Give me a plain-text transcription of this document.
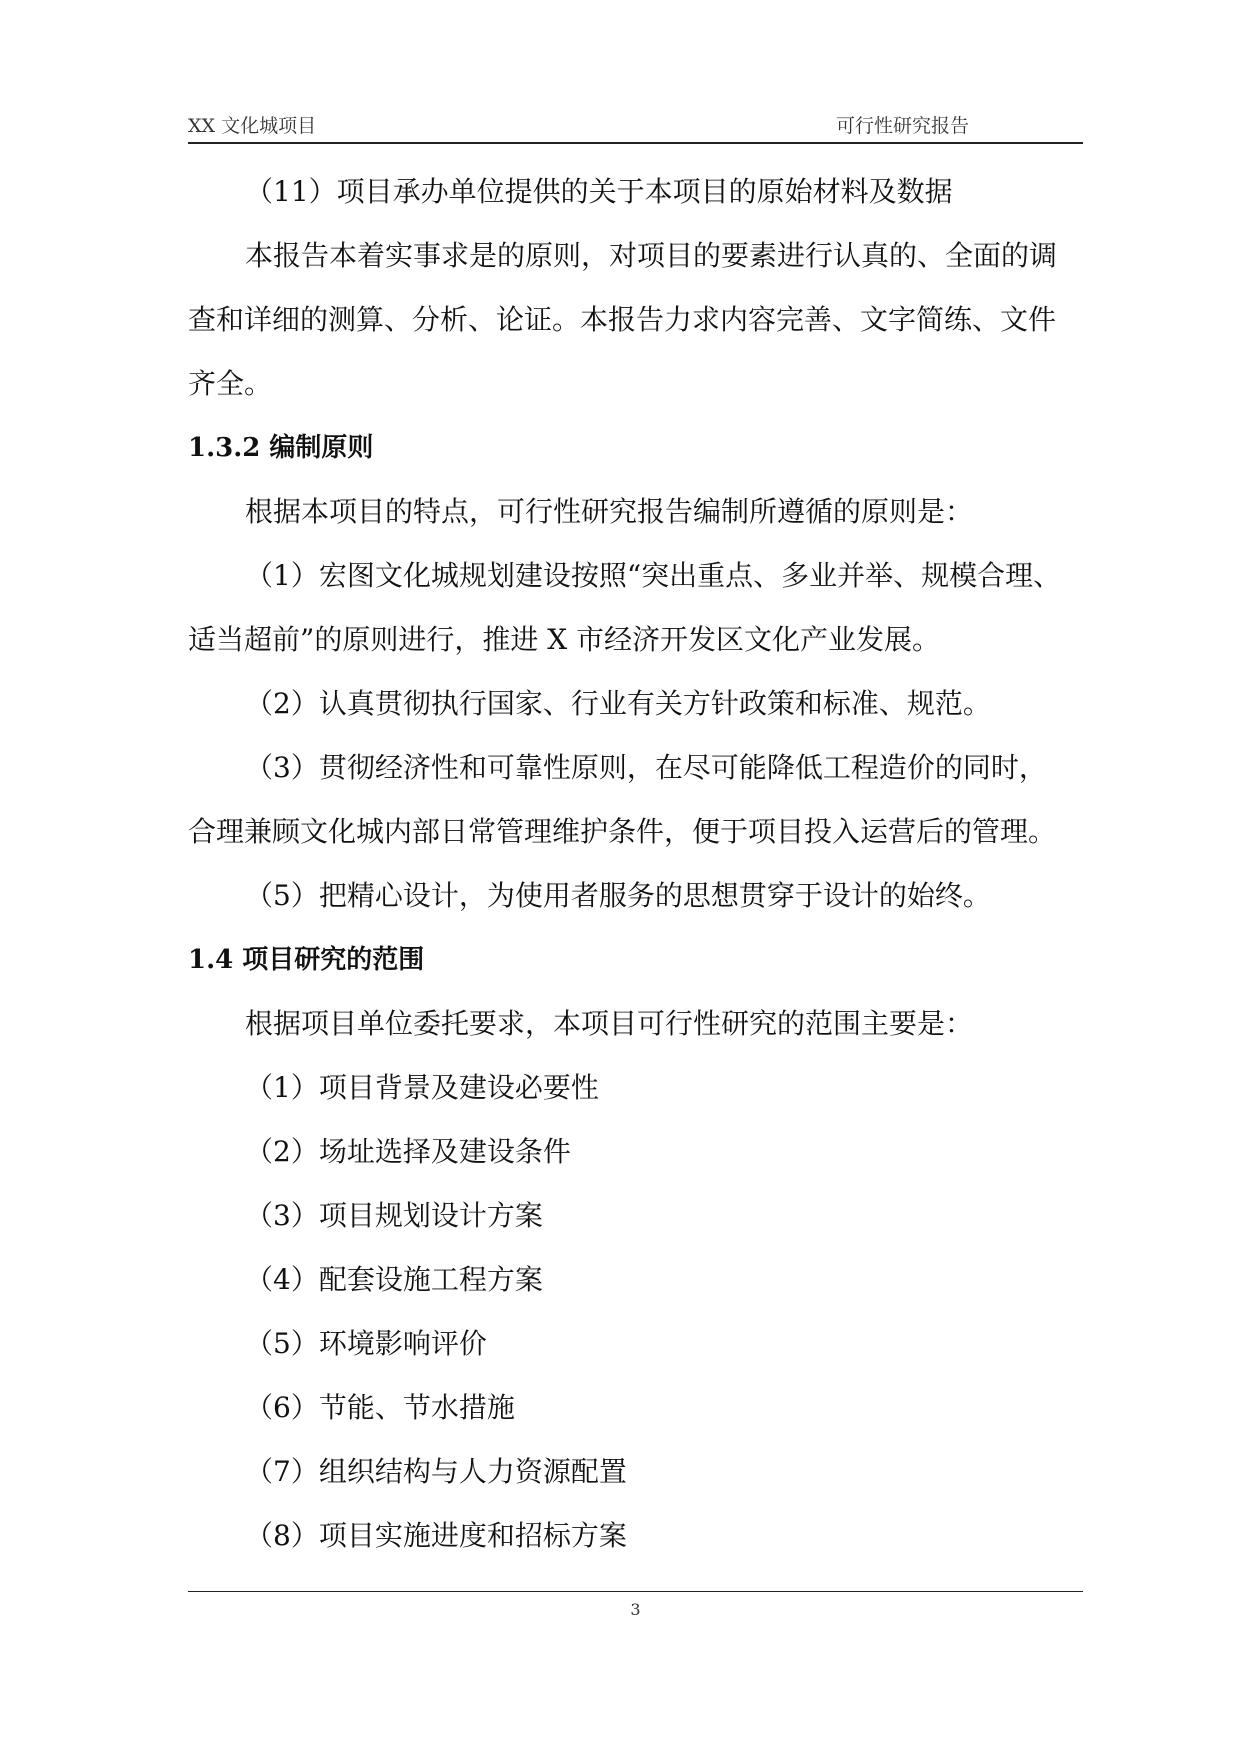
XX 文化城项目	可行性研究报告

（11）项目承办单位提供的关于本项目的原始材料及数据

本报告本着实事求是的原则，对项目的要素进行认真的、全面的调

查和详细的测算、分析、论证。本报告力求内容完善、文字简练、文件

齐全。

1.3.2 编制原则

根据本项目的特点，可行性研究报告编制所遵循的原则是：

（1）宏图文化城规划建设按照“突出重点、多业并举、规模合理、

适当超前”的原则进行，推进 X 市经济开发区文化产业发展。

（2）认真贯彻执行国家、行业有关方针政策和标准、规范。

（3）贯彻经济性和可靠性原则，在尽可能降低工程造价的同时，

合理兼顾文化城内部日常管理维护条件，便于项目投入运营后的管理。

（5）把精心设计，为使用者服务的思想贯穿于设计的始终。

1.4 项目研究的范围

根据项目单位委托要求，本项目可行性研究的范围主要是：

（1）项目背景及建设必要性

（2）场址选择及建设条件

（3）项目规划设计方案

（4）配套设施工程方案

（5）环境影响评价

（6）节能、节水措施

（7）组织结构与人力资源配置

（8）项目实施进度和招标方案

3
